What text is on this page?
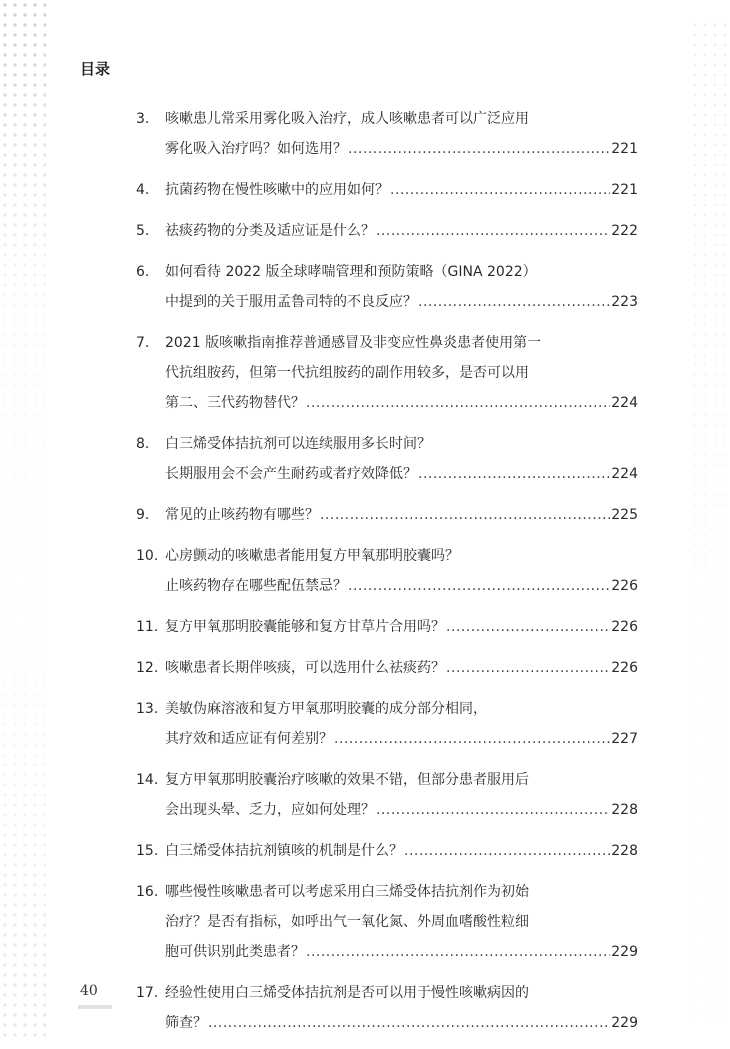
目录
3.	咳嗽患儿常采用雾化吸入治疗，成人咳嗽患者可以广泛应用
雾化吸入治疗吗？如何选用？ .....	221
4.	抗菌药物在慢性咳嗽中的应用如何？ .....	221
5.	祛痰药物的分类及适应证是什么？ .....	222
6.	如何看待 2022 版全球哮喘管理和预防策略（GINA 2022）
中提到的关于服用孟鲁司特的不良反应？ .....	223
7.	2021 版咳嗽指南推荐普通感冒及非变应性鼻炎患者使用第一
代抗组胺药，但第一代抗组胺药的副作用较多，是否可以用
第二、三代药物替代？ .....	224
8.	白三烯受体拮抗剂可以连续服用多长时间？
长期服用会不会产生耐药或者疗效降低？ .....	224
9.	常见的止咳药物有哪些？ .....	225
10. 心房颤动的咳嗽患者能用复方甲氧那明胶囊吗？
止咳药物存在哪些配伍禁忌？ .....	226
11. 复方甲氧那明胶囊能够和复方甘草片合用吗？ .....	226
12. 咳嗽患者长期伴咳痰，可以选用什么祛痰药？ .....	226
13. 美敏伪麻溶液和复方甲氧那明胶囊的成分部分相同，
其疗效和适应证有何差别？ .....	227
14. 复方甲氧那明胶囊治疗咳嗽的效果不错，但部分患者服用后
会出现头晕、乏力，应如何处理？ .....	228
15. 白三烯受体拮抗剂镇咳的机制是什么？ .....	228
16. 哪些慢性咳嗽患者可以考虑采用白三烯受体拮抗剂作为初始
治疗？是否有指标，如呼出气一氧化氮、外周血嗜酸性粒细
胞可供识别此类患者？ .....	229
17. 经验性使用白三烯受体拮抗剂是否可以用于慢性咳嗽病因的
筛查？ .....	229
40
